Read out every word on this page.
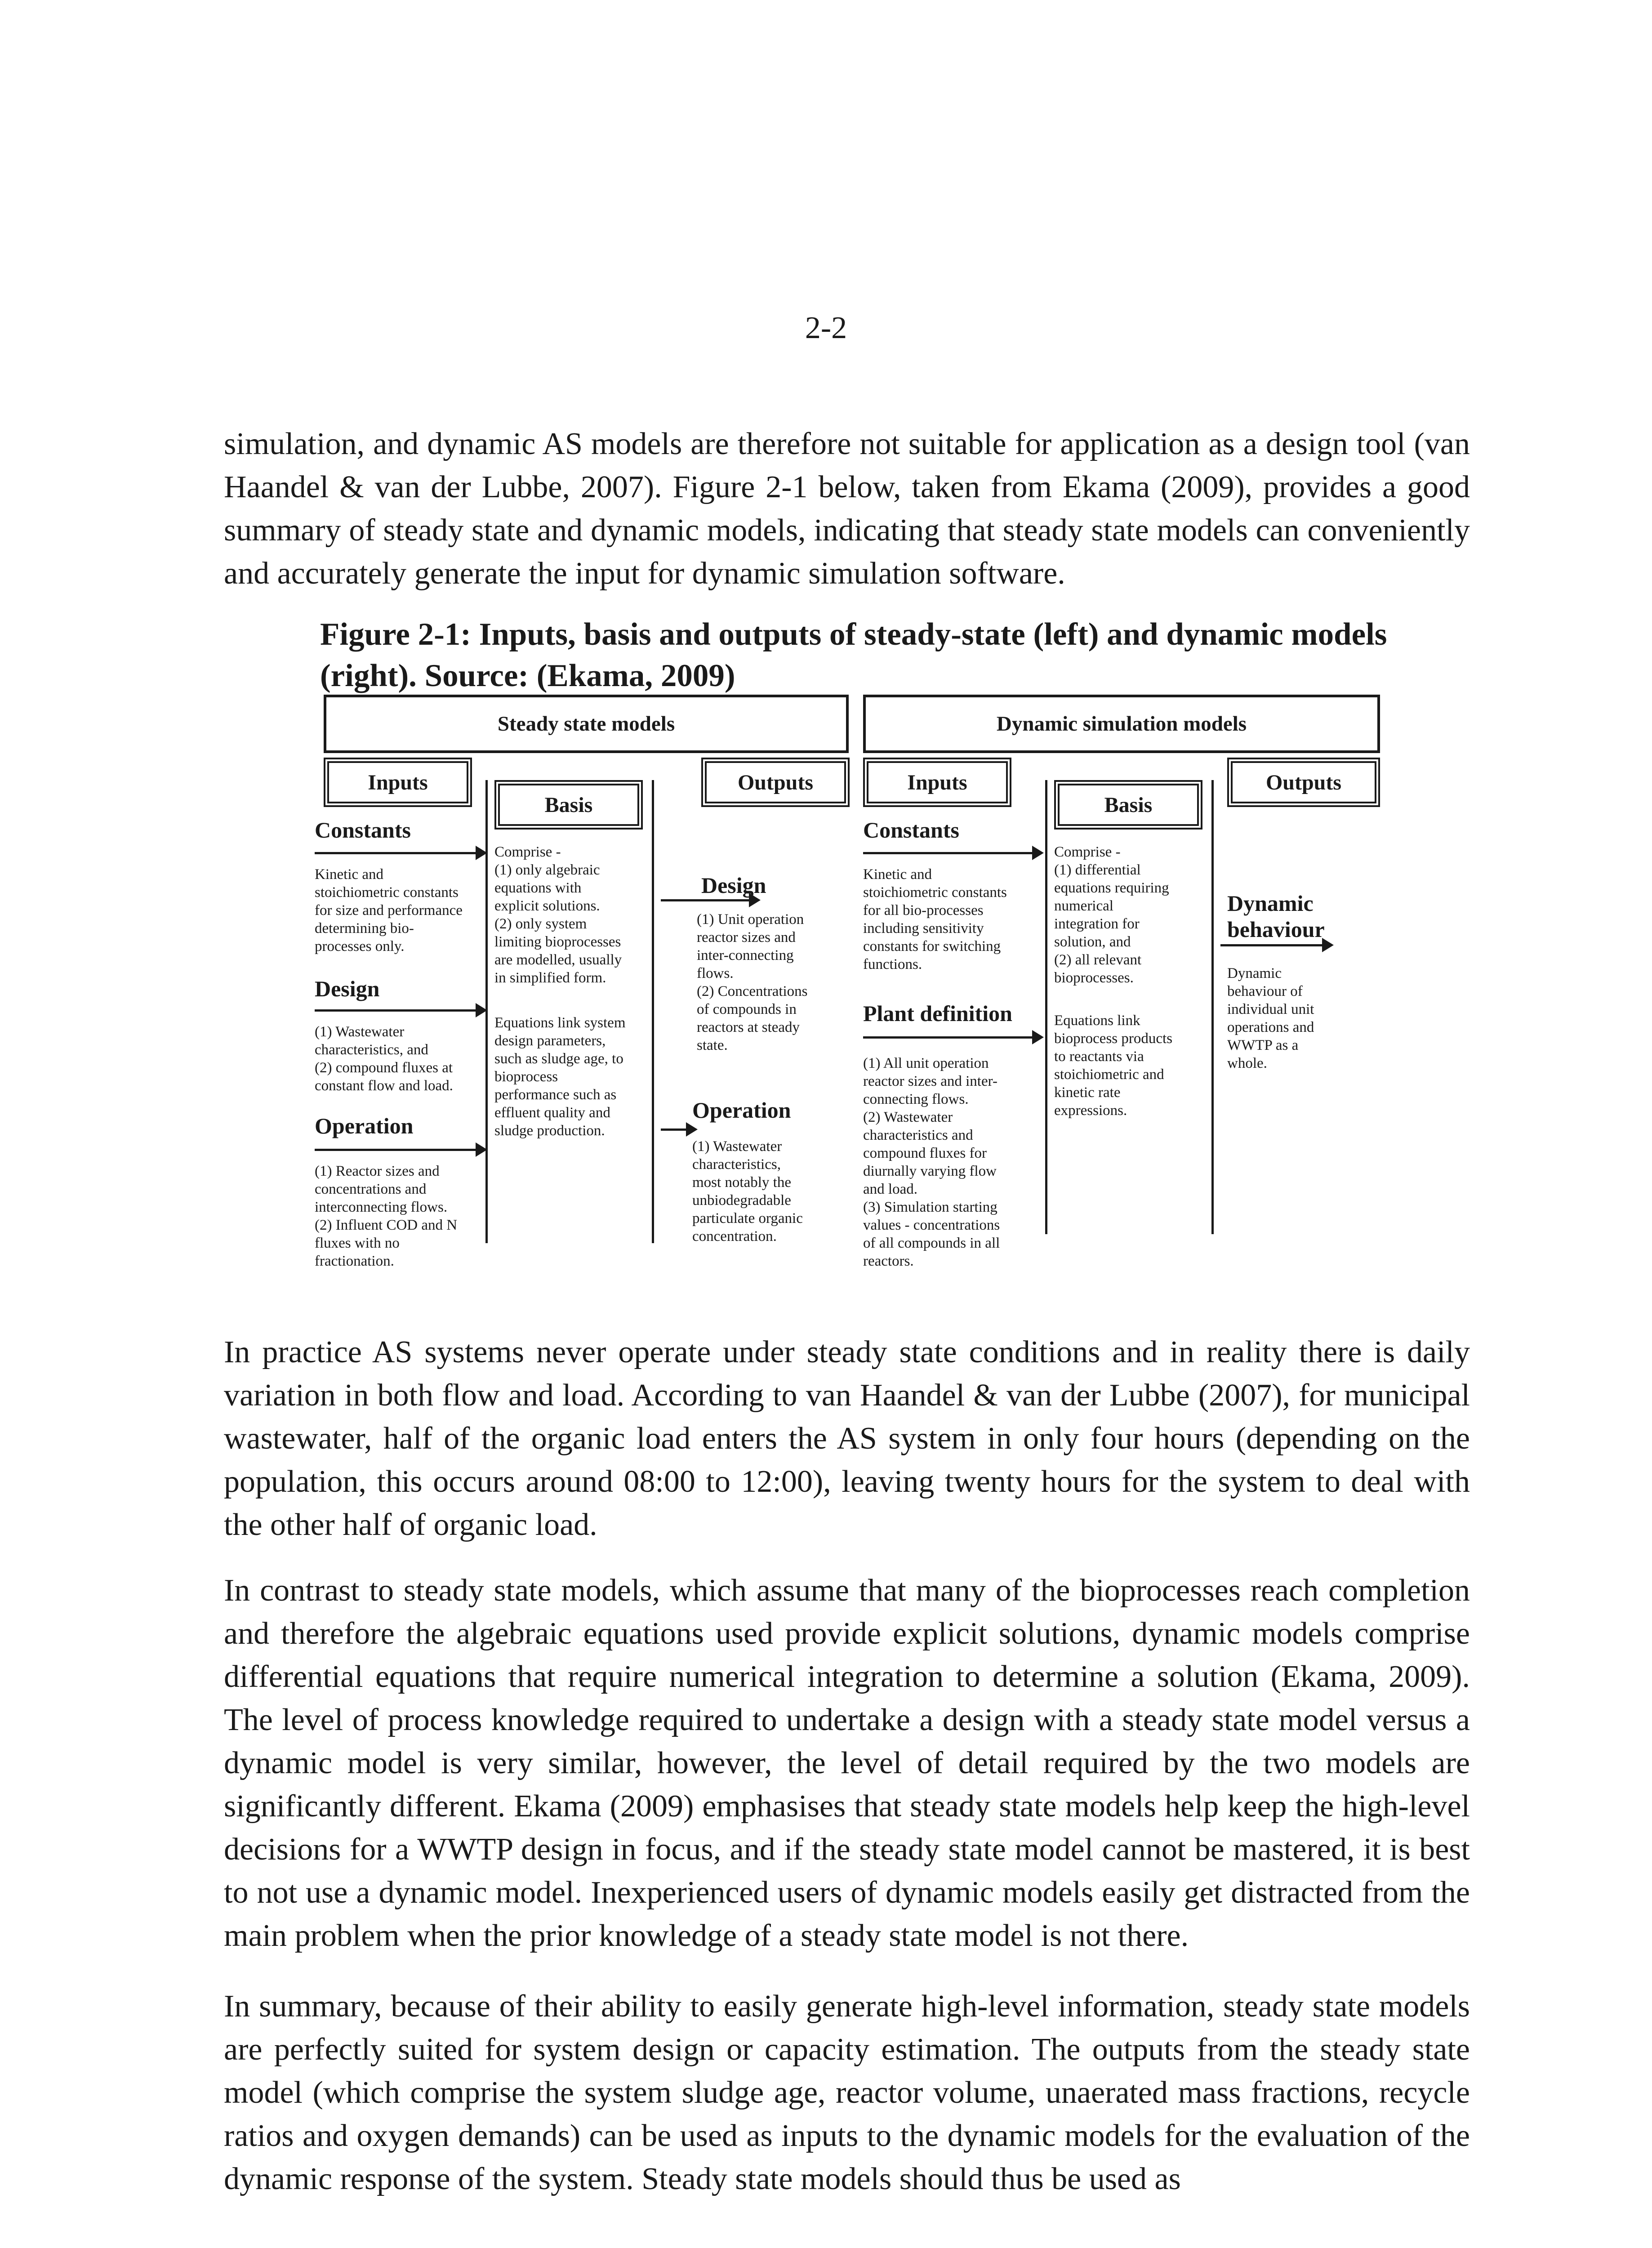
2-2

simulation, and dynamic AS models are therefore not suitable for application as a design tool (van Haandel & van der Lubbe, 2007). Figure 2-1 below, taken from Ekama (2009), provides a good summary of steady state and dynamic models, indicating that steady state models can conveniently and accurately generate the input for dynamic simulation software.

Figure 2-1: Inputs, basis and outputs of steady-state (left) and dynamic models (right). Source: (Ekama, 2009)

Steady state models	Dynamic simulation models
Inputs
Basis
Outputs	Inputs
Basis
Outputs
Constants
Kinetic and
stoichiometric constants
for size and performance
determining bio-
processes only.
Design
(1) Wastewater
characteristics, and
(2) compound fluxes at
constant flow and load.
Operation
(1) Reactor sizes and
concentrations and
interconnecting flows.
(2) Influent COD and N
fluxes with no
fractionation.
Comprise -
(1) only algebraic
equations with
explicit solutions.
(2) only system
limiting bioprocesses
are modelled, usually
in simplified form.
Equations link system
design parameters,
such as sludge age, to
bioprocess
performance such as
effluent quality and
sludge production.
Design
(1) Unit operation
reactor sizes and
inter-connecting
flows.
(2) Concentrations
of compounds in
reactors at steady
state.
Operation
(1) Wastewater
characteristics,
most notably the
unbiodegradable
particulate organic
concentration.
Constants
Kinetic and
stoichiometric constants
for all bio-processes
including sensitivity
constants for switching
functions.
Plant definition
(1) All unit operation
reactor sizes and inter-
connecting flows.
(2) Wastewater
characteristics and
compound fluxes for
diurnally varying flow
and load.
(3) Simulation starting
values - concentrations
of all compounds in all
reactors.
Comprise -
(1) differential
equations requiring
numerical
integration for
solution, and
(2) all relevant
bioprocesses.
Equations link
bioprocess products
to reactants via
stoichiometric and
kinetic rate
expressions.
Dynamic
behaviour
Dynamic
behaviour of
individual unit
operations and
WWTP as a
whole.

In practice AS systems never operate under steady state conditions and in reality there is daily variation in both flow and load. According to van Haandel & van der Lubbe (2007), for municipal wastewater, half of the organic load enters the AS system in only four hours (depending on the population, this occurs around 08:00 to 12:00), leaving twenty hours for the system to deal with the other half of organic load.

In contrast to steady state models, which assume that many of the bioprocesses reach completion and therefore the algebraic equations used provide explicit solutions, dynamic models comprise differential equations that require numerical integration to determine a solution (Ekama, 2009). The level of process knowledge required to undertake a design with a steady state model versus a dynamic model is very similar, however, the level of detail required by the two models are significantly different. Ekama (2009) emphasises that steady state models help keep the high-level decisions for a WWTP design in focus, and if the steady state model cannot be mastered, it is best to not use a dynamic model. Inexperienced users of dynamic models easily get distracted from the main problem when the prior knowledge of a steady state model is not there.

In summary, because of their ability to easily generate high-level information, steady state models are perfectly suited for system design or capacity estimation. The outputs from the steady state model (which comprise the system sludge age, reactor volume, unaerated mass fractions, recycle ratios and oxygen demands) can be used as inputs to the dynamic models for the evaluation of the dynamic response of the system. Steady state models should thus be used as
